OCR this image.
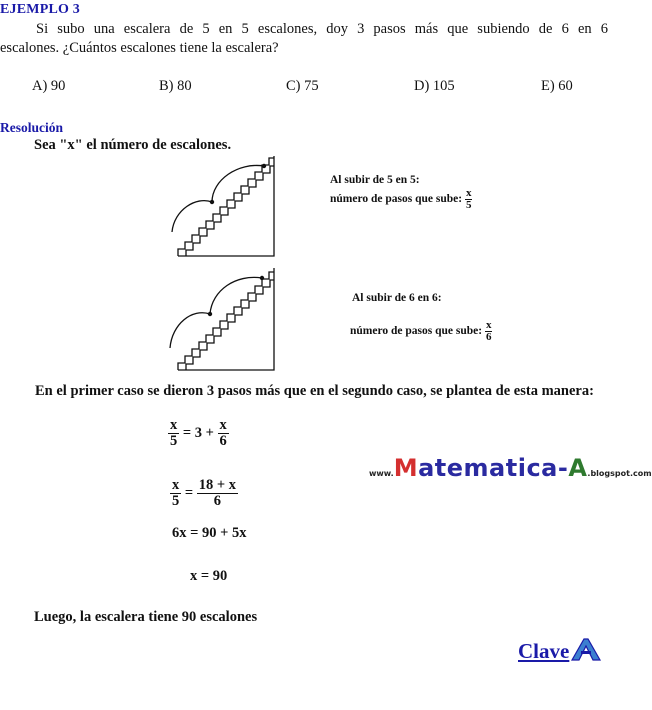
EJEMPLO 3
Si subo una escalera de 5 en 5 escalones, doy 3 pasos más que subiendo de 6 en 6
escalones. ¿Cuántos escalones tiene la escalera?
A) 90	B) 80	C) 75	D) 105	E) 60
Resolución
Sea "x" el número de escalones.
Al subir de 5 en 5:
número de pasos que sube: $\frac{x}{5}$
Al subir de 6 en 6:
número de pasos que sube: $\frac{x}{6}$
En el primer caso se dieron 3 pasos más que en el segundo caso, se plantea de esta manera:
$\frac{x}{5} = 3 + \frac{x}{6}$
www.Matematica-A.blogspot.com
$\frac{x}{5} = \frac{18 + x}{6}$
6x = 90 + 5x
x = 90
Luego, la escalera tiene 90 escalones
Clave
